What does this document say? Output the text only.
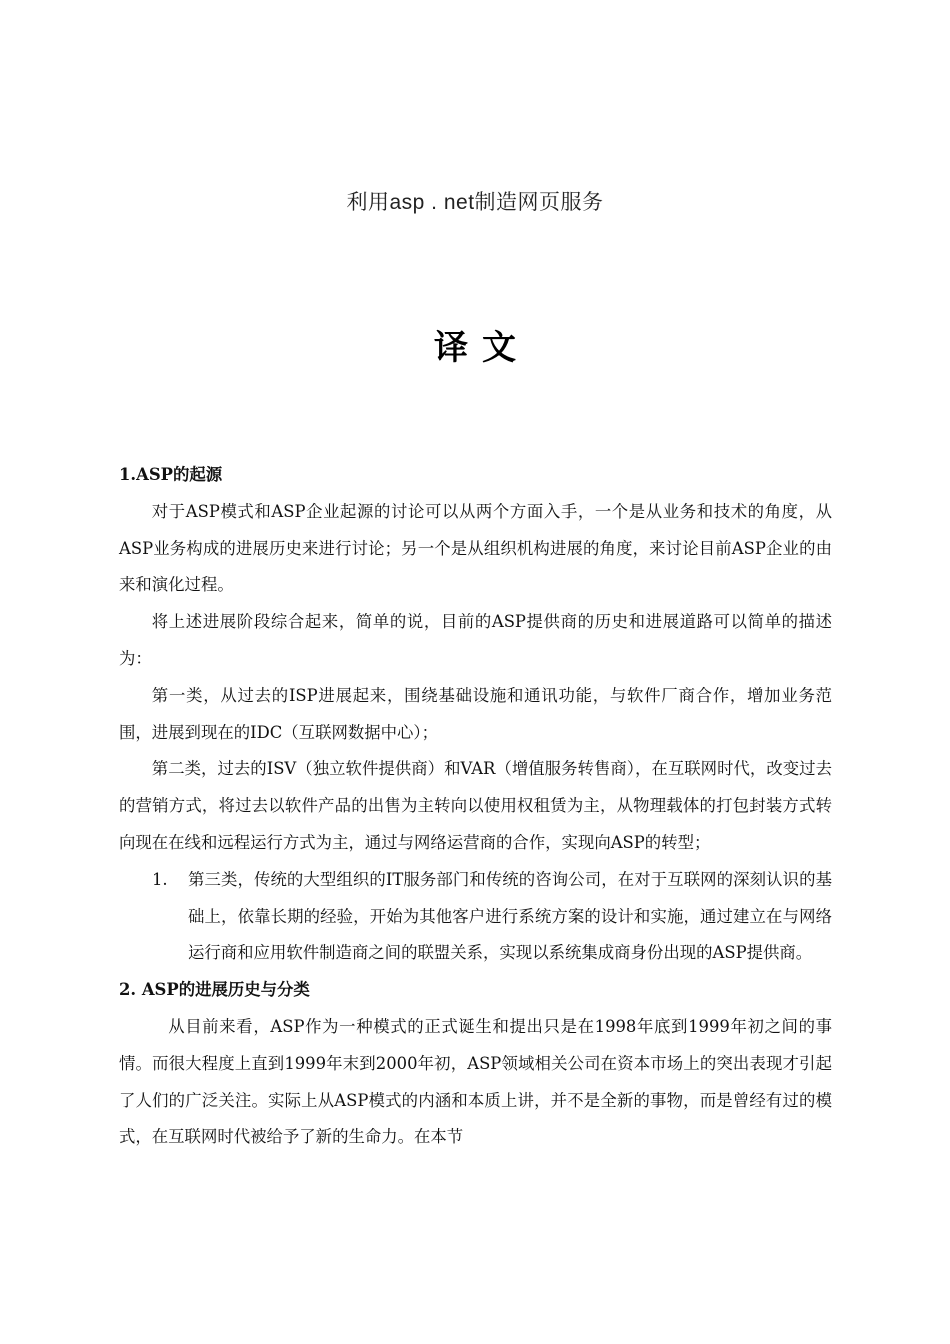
利用asp . net制造网页服务
译文

1.ASP的起源

对于ASP模式和ASP企业起源的讨论可以从两个方面入手，一个是从业务和技术的角度，从ASP业务构成的进展历史来进行讨论；另一个是从组织机构进展的角度，来讨论目前ASP企业的由来和演化过程。

将上述进展阶段综合起来，简单的说，目前的ASP提供商的历史和进展道路可以简单的描述为：

第一类，从过去的ISP进展起来，围绕基础设施和通讯功能，与软件厂商合作，增加业务范围，进展到现在的IDC（互联网数据中心）；

第二类，过去的ISV（独立软件提供商）和VAR（增值服务转售商），在互联网时代，改变过去的营销方式，将过去以软件产品的出售为主转向以使用权租赁为主，从物理载体的打包封装方式转向现在在线和远程运行方式为主，通过与网络运营商的合作，实现向ASP的转型；

1. 第三类，传统的大型组织的IT服务部门和传统的咨询公司，在对于互联网的深刻认识的基础上，依靠长期的经验，开始为其他客户进行系统方案的设计和实施，通过建立在与网络运行商和应用软件制造商之间的联盟关系，实现以系统集成商身份出现的ASP提供商。

2. ASP的进展历史与分类

从目前来看，ASP作为一种模式的正式诞生和提出只是在1998年底到1999年初之间的事情。而很大程度上直到1999年末到2000年初，ASP领域相关公司在资本市场上的突出表现才引起了人们的广泛关注。实际上从ASP模式的内涵和本质上讲，并不是全新的事物，而是曾经有过的模式，在互联网时代被给予了新的生命力。在本节
